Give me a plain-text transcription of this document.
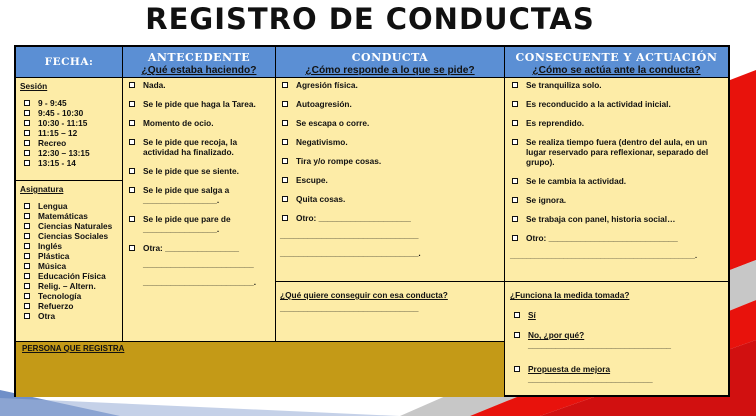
REGISTRO DE CONDUCTAS
FECHA:	ANTECEDENTE
¿Qué estaba haciendo?
CONDUCTA
¿Cómo responde a lo que se pide?
CONSECUENTE Y ACTUACIÓN
¿Cómo se actúa ante la conducta?
Sesión
9 - 9:45
9:45 - 10:30
10:30 - 11:15
11:15 – 12
Recreo
12:30 – 13:15
13:15 - 14
Asignatura
Lengua
Matemáticas
Ciencias Naturales
Ciencias Sociales
Inglés
Plástica
Música
Educación Física
Relig. – Altern.
Tecnología
Refuerzo
Otra
Nada.
Se le pide que haga la Tarea.
Momento de ocio.
Se le pide que recoja, la actividad ha finalizado.
Se le pide que se siente.
Se le pide que salga a ________________.
Se le pide que pare de ________________.
Otra: ________________
________________________
________________________.
Agresión física.
Autoagresión.
Se escapa o corre.
Negativismo.
Tira y/o rompe cosas.
Escupe.
Quita cosas.
Otro: ____________________
______________________________
______________________________.
¿Qué quiere conseguir con esa conducta?
______________________________
Se tranquiliza solo.
Es reconducido a la actividad inicial.
Es reprendido.
Se realiza tiempo fuera (dentro del aula, en un lugar reservado para reflexionar, separado del grupo).
Se le cambia la actividad.
Se ignora.
Se trabaja con panel, historia social…
Otro: ____________________________
_____________________________________________.
¿Funciona la medida tomada?
Sí
No, ¿por qué?
_______________________________
Propuesta de mejora
___________________________
PERSONA QUE REGISTRA
